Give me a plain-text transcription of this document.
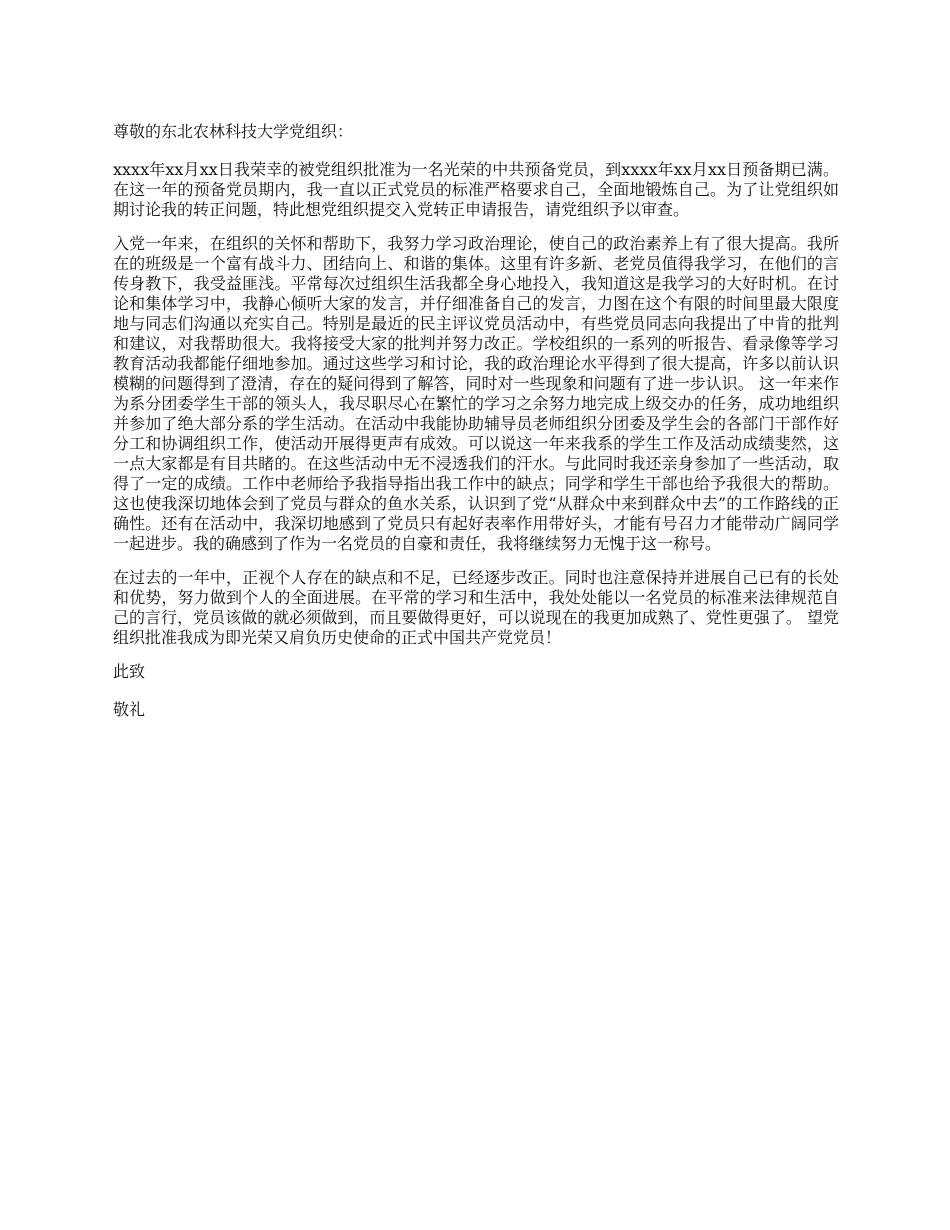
尊敬的东北农林科技大学党组织：

xxxx年xx月xx日我荣幸的被党组织批准为一名光荣的中共预备党员，到xxxx年xx月xx日预备期已满。在这一年的预备党员期内，我一直以正式党员的标准严格要求自己，全面地锻炼自己。为了让党组织如期讨论我的转正问题，特此想党组织提交入党转正申请报告，请党组织予以审查。

入党一年来，在组织的关怀和帮助下，我努力学习政治理论，使自己的政治素养上有了很大提高。我所在的班级是一个富有战斗力、团结向上、和谐的集体。这里有许多新、老党员值得我学习，在他们的言传身教下，我受益匪浅。平常每次过组织生活我都全身心地投入，我知道这是我学习的大好时机。在讨论和集体学习中，我静心倾听大家的发言，并仔细准备自己的发言，力图在这个有限的时间里最大限度地与同志们沟通以充实自己。特别是最近的民主评议党员活动中，有些党员同志向我提出了中肯的批判和建议，对我帮助很大。我将接受大家的批判并努力改正。学校组织的一系列的听报告、看录像等学习教育活动我都能仔细地参加。通过这些学习和讨论，我的政治理论水平得到了很大提高，许多以前认识模糊的问题得到了澄清，存在的疑问得到了解答，同时对一些现象和问题有了进一步认识。 这一年来作为系分团委学生干部的领头人，我尽职尽心在繁忙的学习之余努力地完成上级交办的任务，成功地组织并参加了绝大部分系的学生活动。在活动中我能协助辅导员老师组织分团委及学生会的各部门干部作好分工和协调组织工作，使活动开展得更声有成效。可以说这一年来我系的学生工作及活动成绩斐然，这一点大家都是有目共睹的。在这些活动中无不浸透我们的汗水。与此同时我还亲身参加了一些活动，取得了一定的成绩。工作中老师给予我指导指出我工作中的缺点；同学和学生干部也给予我很大的帮助。这也使我深切地体会到了党员与群众的鱼水关系，认识到了党“从群众中来到群众中去”的工作路线的正确性。还有在活动中，我深切地感到了党员只有起好表率作用带好头，才能有号召力才能带动广阔同学一起进步。我的确感到了作为一名党员的自豪和责任，我将继续努力无愧于这一称号。

在过去的一年中，正视个人存在的缺点和不足，已经逐步改正。同时也注意保持并进展自己已有的长处和优势，努力做到个人的全面进展。在平常的学习和生活中，我处处能以一名党员的标准来法律规范自己的言行，党员该做的就必须做到，而且要做得更好，可以说现在的我更加成熟了、党性更强了。 望党组织批准我成为即光荣又肩负历史使命的正式中国共产党党员！

此致

敬礼
